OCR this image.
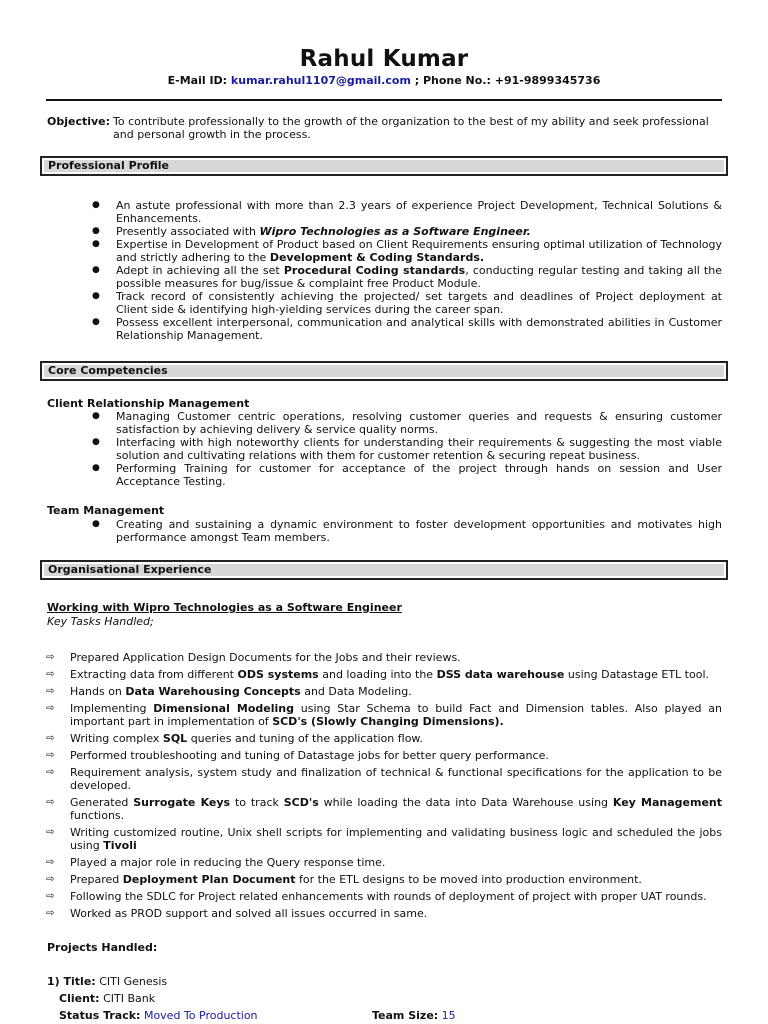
Rahul Kumar
E-Mail ID: kumar.rahul1107@gmail.com ; Phone No.: +91-9899345736
Objective: To contribute professionally to the growth of the organization to the best of my ability and seek professional and personal growth in the process.
Professional Profile
● An astute professional with more than 2.3 years of experience Project Development, Technical Solutions & Enhancements.
● Presently associated with Wipro Technologies as a Software Engineer.
● Expertise in Development of Product based on Client Requirements ensuring optimal utilization of Technology and strictly adhering to the Development & Coding Standards.
● Adept in achieving all the set Procedural Coding standards, conducting regular testing and taking all the possible measures for bug/issue & complaint free Product Module.
● Track record of consistently achieving the projected/ set targets and deadlines of Project deployment at Client side & identifying high-yielding services during the career span.
● Possess excellent interpersonal, communication and analytical skills with demonstrated abilities in Customer Relationship Management.
Core Competencies
Client Relationship Management
● Managing Customer centric operations, resolving customer queries and requests & ensuring customer satisfaction by achieving delivery & service quality norms.
● Interfacing with high noteworthy clients for understanding their requirements & suggesting the most viable solution and cultivating relations with them for customer retention & securing repeat business.
● Performing Training for customer for acceptance of the project through hands on session and User Acceptance Testing.
Team Management
● Creating and sustaining a dynamic environment to foster development opportunities and motivates high performance amongst Team members.
Organisational Experience
Working with Wipro Technologies as a Software Engineer
Key Tasks Handled;
⇨ Prepared Application Design Documents for the Jobs and their reviews.
⇨ Extracting data from different ODS systems and loading into the DSS data warehouse using Datastage ETL tool.
⇨ Hands on Data Warehousing Concepts and Data Modeling.
⇨ Implementing Dimensional Modeling using Star Schema to build Fact and Dimension tables. Also played an important part in implementation of SCD's (Slowly Changing Dimensions).
⇨ Writing complex SQL queries and tuning of the application flow.
⇨ Performed troubleshooting and tuning of Datastage jobs for better query performance.
⇨ Requirement analysis, system study and finalization of technical & functional specifications for the application to be developed.
⇨ Generated Surrogate Keys to track SCD's while loading the data into Data Warehouse using Key Management functions.
⇨ Writing customized routine, Unix shell scripts for implementing and validating business logic and scheduled the jobs using Tivoli
⇨ Played a major role in reducing the Query response time.
⇨ Prepared Deployment Plan Document for the ETL designs to be moved into production environment.
⇨ Following the SDLC for Project related enhancements with rounds of deployment of project with proper UAT rounds.
⇨ Worked as PROD support and solved all issues occurred in same.
Projects Handled:
1) Title: CITI Genesis
Client: CITI Bank
Status Track: Moved To Production	Team Size: 15
